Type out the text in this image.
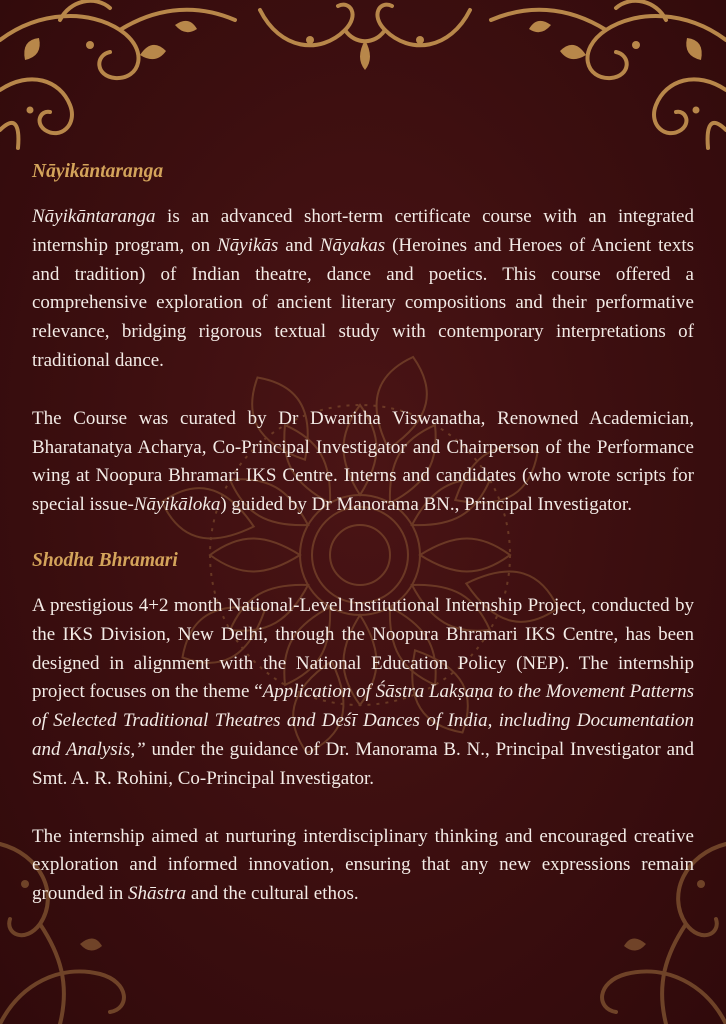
Nāyikāntaranga

Nāyikāntaranga is an advanced short-term certificate course with an integrated internship program, on Nāyikās and Nāyakas (Heroines and Heroes of Ancient texts and tradition) of Indian theatre, dance and poetics. This course offered a comprehensive exploration of ancient literary compositions and their performative relevance, bridging rigorous textual study with contemporary interpretations of traditional dance.

The Course was curated by Dr Dwaritha Viswanatha, Renowned Academician, Bharatanatya Acharya, Co-Principal Investigator and Chairperson of the Performance wing at Noopura Bhramari IKS Centre. Interns and candidates (who wrote scripts for special issue-Nāyikāloka) guided by Dr Manorama BN., Principal Investigator.

Shodha Bhramari

A prestigious 4+2 month National-Level Institutional Internship Project, conducted by the IKS Division, New Delhi, through the Noopura Bhramari IKS Centre, has been designed in alignment with the National Education Policy (NEP). The internship project focuses on the theme “Application of Śāstra Lakṣaṇa to the Movement Patterns of Selected Traditional Theatres and Deśī Dances of India, including Documentation and Analysis,” under the guidance of Dr. Manorama B. N., Principal Investigator and Smt. A. R. Rohini, Co-Principal Investigator.

The internship aimed at nurturing interdisciplinary thinking and encouraged creative exploration and informed innovation, ensuring that any new expressions remain grounded in Shāstra and the cultural ethos.
